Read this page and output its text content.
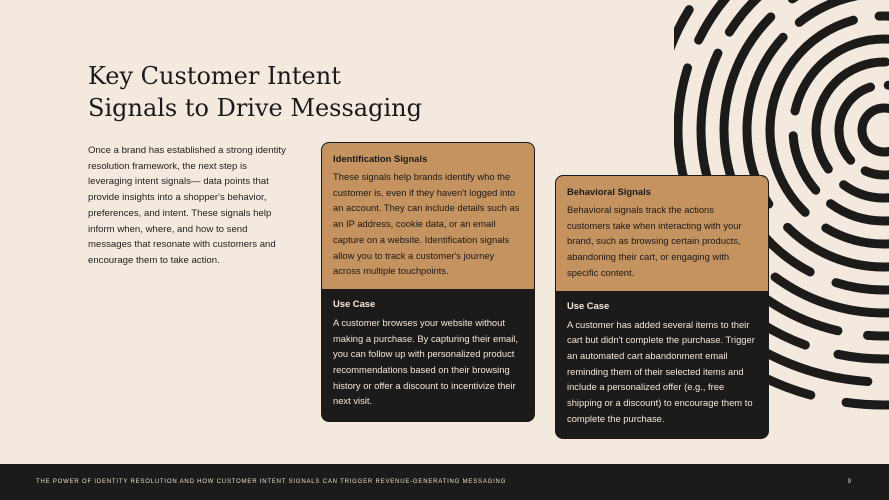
Key Customer Intent
Signals to Drive Messaging

Once a brand has established a strong identity resolution framework, the next step is leveraging intent signals— data points that provide insights into a shopper's behavior, preferences, and intent. These signals help inform when, where, and how to send messages that resonate with customers and encourage them to take action.

Identification Signals
These signals help brands identify who the customer is, even if they haven't logged into an account. They can include details such as an IP address, cookie data, or an email capture on a website. Identification signals allow you to track a customer's journey across multiple touchpoints.
Use Case
A customer browses your website without making a purchase. By capturing their email, you can follow up with personalized product recommendations based on their browsing history or offer a discount to incentivize their next visit.
Behavioral Signals
Behavioral signals track the actions customers take when interacting with your brand, such as browsing certain products, abandoning their cart, or engaging with specific content.
Use Case
A customer has added several items to their cart but didn't complete the purchase. Trigger an automated cart abandonment email reminding them of their selected items and include a personalized offer (e.g., free shipping or a discount) to encourage them to complete the purchase.
THE POWER OF IDENTITY RESOLUTION AND HOW CUSTOMER INTENT SIGNALS CAN TRIGGER REVENUE-GENERATING MESSAGING	9
